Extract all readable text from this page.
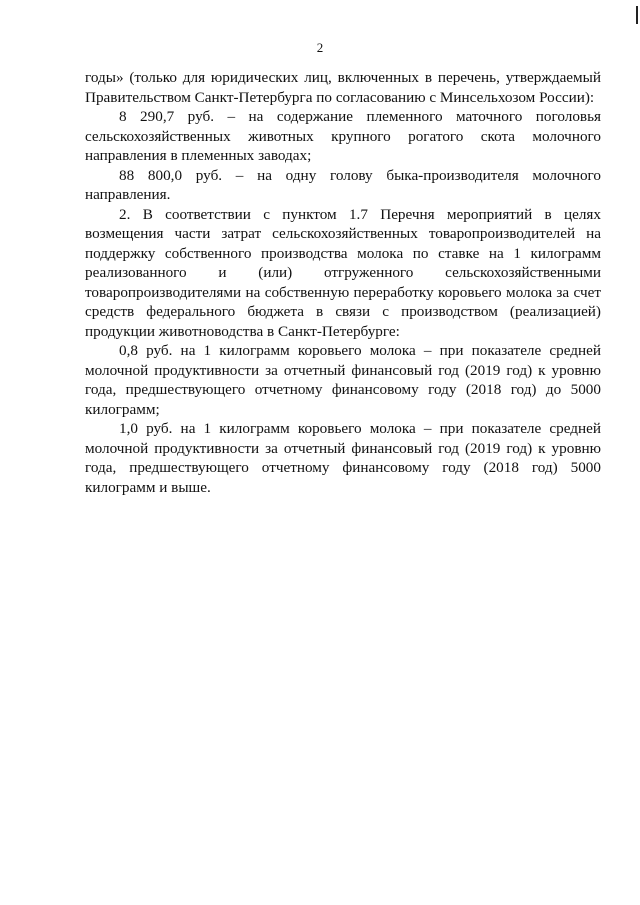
2

годы» (только для юридических лиц, включенных в перечень, утверждаемый Правительством Санкт-Петербурга по согласованию с Минсельхозом России):

8 290,7 руб. – на содержание племенного маточного поголовья сельскохозяйственных животных крупного рогатого скота молочного направления в племенных заводах;

88 800,0 руб. – на одну голову быка-производителя молочного направления.

2. В соответствии с пунктом 1.7 Перечня мероприятий в целях возмещения части затрат сельскохозяйственных товаропроизводителей на поддержку собственного производства молока по ставке на 1 килограмм реализованного и (или) отгруженного сельскохозяйственными товаропроизводителями на собственную переработку коровьего молока за счет средств федерального бюджета в связи с производством (реализацией) продукции животноводства в Санкт-Петербурге:

0,8 руб. на 1 килограмм коровьего молока – при показателе средней молочной продуктивности за отчетный финансовый год (2019 год) к уровню года, предшествующего отчетному финансовому году (2018 год) до 5000 килограмм;

1,0 руб. на 1 килограмм коровьего молока – при показателе средней молочной продуктивности за отчетный финансовый год (2019 год) к уровню года, предшествующего отчетному финансовому году (2018 год) 5000 килограмм и выше.
